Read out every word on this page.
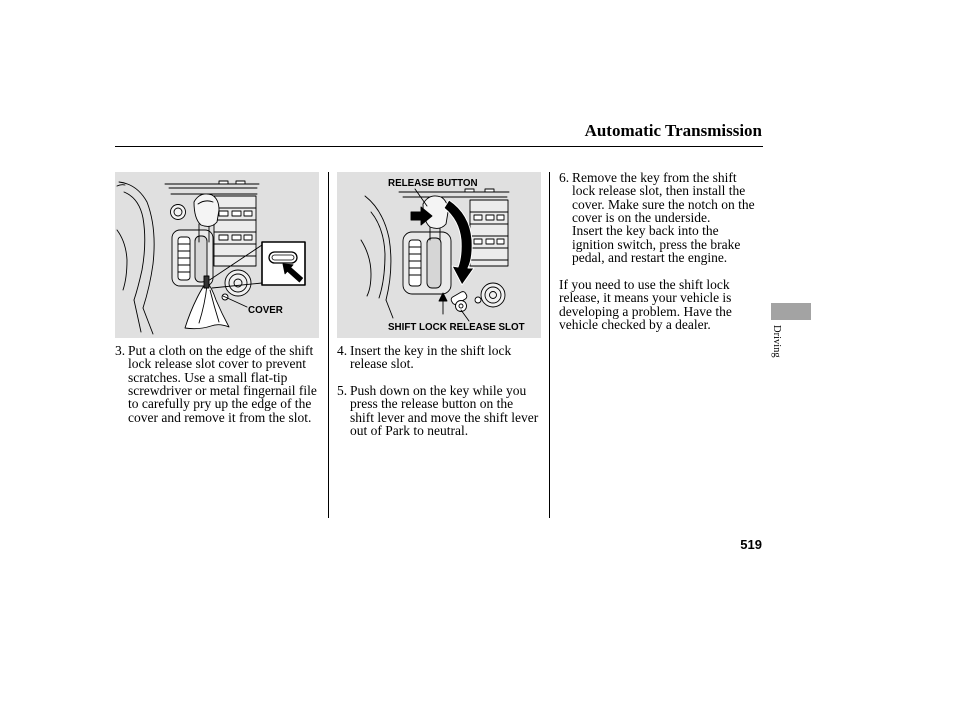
Automatic Transmission
COVER
RELEASE BUTTON
SHIFT LOCK RELEASE SLOT
3. Put a cloth on the edge of the shift
lock release slot cover to prevent
scratches. Use a small flat-tip
screwdriver or metal fingernail file
to carefully pry up the edge of the
cover and remove it from the slot.
4. Insert the key in the shift lock
release slot.
5. Push down on the key while you
press the release button on the
shift lever and move the shift lever
out of Park to neutral.
6. Remove the key from the shift
lock release slot, then install the
cover. Make sure the notch on the
cover is on the underside.
Insert the key back into the
ignition switch, press the brake
pedal, and restart the engine.
If you need to use the shift lock
release, it means your vehicle is
developing a problem. Have the
vehicle checked by a dealer.
Driving
519
